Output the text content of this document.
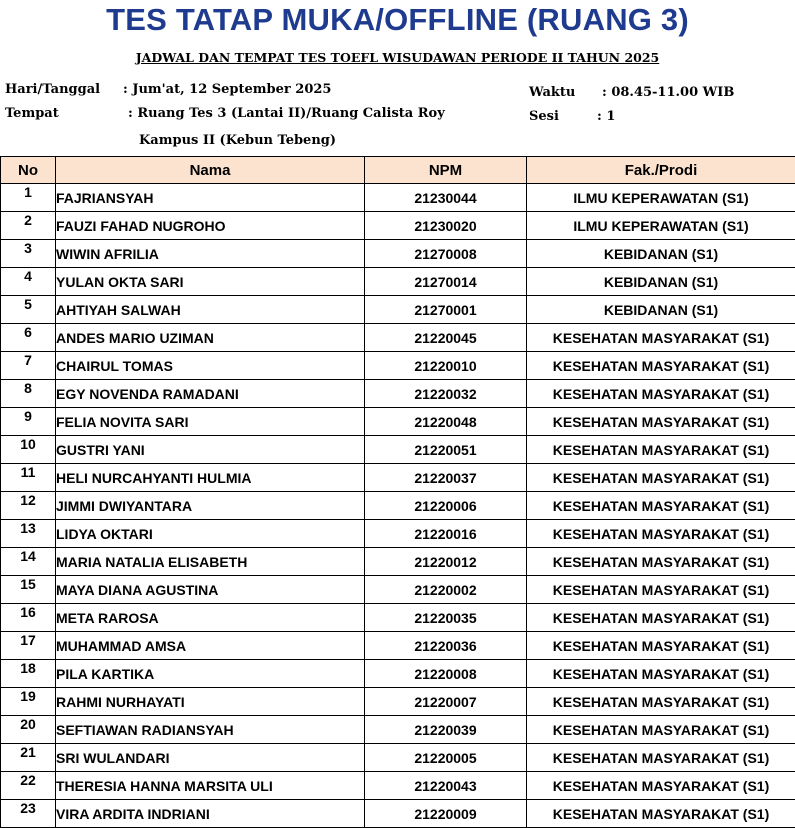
TES TATAP MUKA/OFFLINE (RUANG 3)
JADWAL DAN TEMPAT TES TOEFL WISUDAWAN PERIODE II TAHUN 2025
Hari/Tanggal : Jum'at, 12 September 2025
Tempat	: Ruang Tes 3 (Lantai II)/Ruang Calista Roy
Kampus II (Kebun Tebeng)
Waktu : 08.45-11.00 WIB
Sesi	: 1
No	Nama	NPM	Fak./Prodi
1	FAJRIANSYAH	21230044	ILMU KEPERAWATAN (S1)
2	FAUZI FAHAD NUGROHO	21230020	ILMU KEPERAWATAN (S1)
3	WIWIN AFRILIA	21270008	KEBIDANAN (S1)
4	YULAN OKTA SARI	21270014	KEBIDANAN (S1)
5	AHTIYAH SALWAH	21270001	KEBIDANAN (S1)
6	ANDES MARIO UZIMAN	21220045	KESEHATAN MASYARAKAT (S1)
7	CHAIRUL TOMAS	21220010	KESEHATAN MASYARAKAT (S1)
8	EGY NOVENDA RAMADANI	21220032	KESEHATAN MASYARAKAT (S1)
9	FELIA NOVITA SARI	21220048	KESEHATAN MASYARAKAT (S1)
10	GUSTRI YANI	21220051	KESEHATAN MASYARAKAT (S1)
11	HELI NURCAHYANTI HULMIA	21220037	KESEHATAN MASYARAKAT (S1)
12	JIMMI DWIYANTARA	21220006	KESEHATAN MASYARAKAT (S1)
13	LIDYA OKTARI	21220016	KESEHATAN MASYARAKAT (S1)
14	MARIA NATALIA ELISABETH	21220012	KESEHATAN MASYARAKAT (S1)
15	MAYA DIANA AGUSTINA	21220002	KESEHATAN MASYARAKAT (S1)
16	META RAROSA	21220035	KESEHATAN MASYARAKAT (S1)
17	MUHAMMAD AMSA	21220036	KESEHATAN MASYARAKAT (S1)
18	PILA KARTIKA	21220008	KESEHATAN MASYARAKAT (S1)
19	RAHMI NURHAYATI	21220007	KESEHATAN MASYARAKAT (S1)
20	SEFTIAWAN RADIANSYAH	21220039	KESEHATAN MASYARAKAT (S1)
21	SRI WULANDARI	21220005	KESEHATAN MASYARAKAT (S1)
22	THERESIA HANNA MARSITA ULI	21220043	KESEHATAN MASYARAKAT (S1)
23	VIRA ARDITA INDRIANI	21220009	KESEHATAN MASYARAKAT (S1)
